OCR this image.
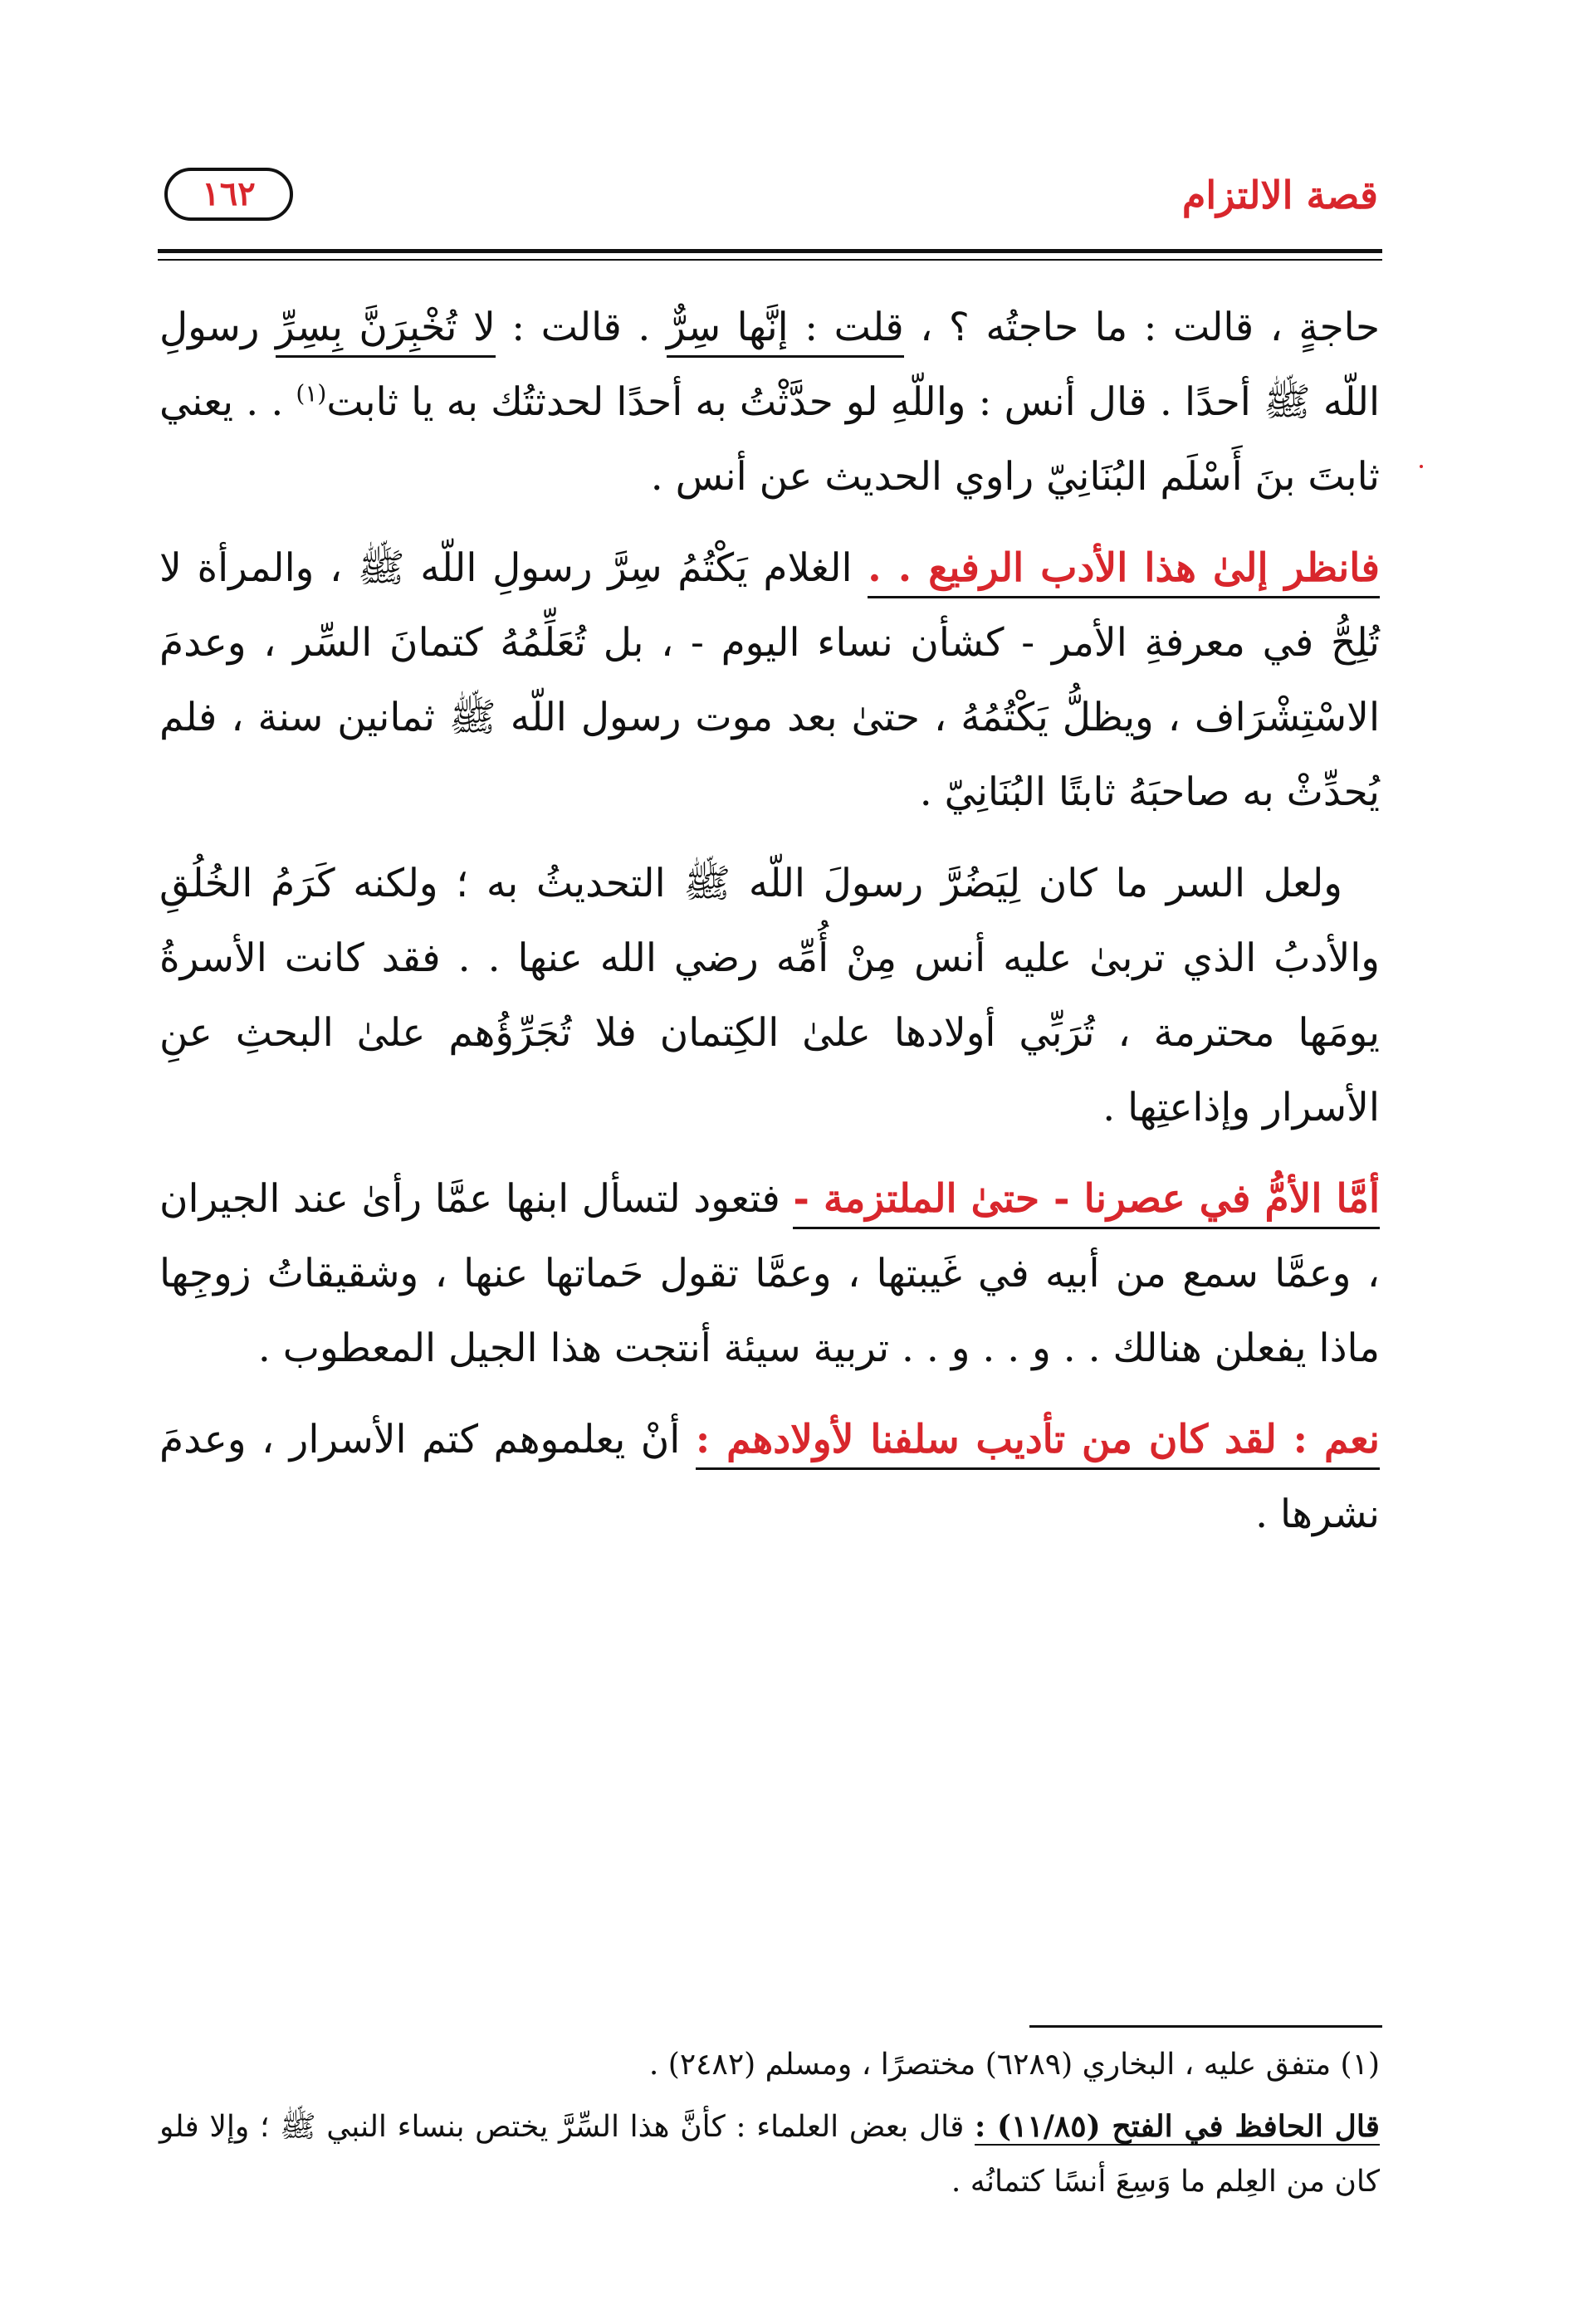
قصة الالتزام
١٦٢

حاجةٍ ، قالت : ما حاجتُه ؟ ، قلت : إنَّها سِرٌّ . قالت : لا تُخْبِرَنَّ بِسِرِّ رسولِ اللّه ﷺ أحدًا . قال أنس : واللّهِ لو حدَّثْتُ به أحدًا لحدثتُك به يا ثابت$^{(١)}$ . . يعني ثابتَ بنَ أَسْلَم البُنَانِيّ راوي الحديث عن أنس .

فانظر إلىٰ هذا الأدب الرفيع . . الغلام يَكْتُمُ سِرَّ رسولِ اللّه ﷺ ، والمرأة لا تُلِحُّ في معرفةِ الأمر - كشأن نساء اليوم - ، بل تُعَلِّمُهُ كتمانَ السِّر ، وعدمَ الاسْتِشْرَاف ، ويظلُّ يَكْتُمُهُ ، حتىٰ بعد موت رسول اللّه ﷺ ثمانين سنة ، فلم يُحدِّثْ به صاحبَهُ ثابتًا البُنَانِيّ .

ولعل السر ما كان لِيَضُرَّ رسولَ اللّه ﷺ التحديثُ به ؛ ولكنه كَرَمُ الخُلُقِ والأدبُ الذي تربىٰ عليه أنس مِنْ أُمِّه رضي الله عنها . . فقد كانت الأسرةُ يومَها محترمة ، تُرَبِّي أولادها علىٰ الكِتمان فلا تُجَرِّؤُهم علىٰ البحثِ عنِ الأسرار وإذاعتِها .

أمَّا الأمُّ في عصرنا - حتىٰ الملتزمة - فتعود لتسأل ابنها عمَّا رأىٰ عند الجيران ، وعمَّا سمع من أبيه في غَيبتها ، وعمَّا تقول حَماتها عنها ، وشقيقاتُ زوجِها ماذا يفعلن هنالك . . و . . و . . تربية سيئة أنتجت هذا الجيل المعطوب .

نعم : لقد كان من تأديب سلفنا لأولادهم : أنْ يعلموهم كتم الأسرار ، وعدمَ نشرها .

(١) متفق عليه ، البخاري (٦٢٨٩) مختصرًا ، ومسلم (٢٤٨٢) .

قال الحافظ في الفتح (١١/٨٥) : قال بعض العلماء : كأنَّ هذا السِّرَّ يختص بنساء النبي ﷺ ؛ وإلا فلو كان من العِلم ما وَسِعَ أنسًا كتمانُه .
